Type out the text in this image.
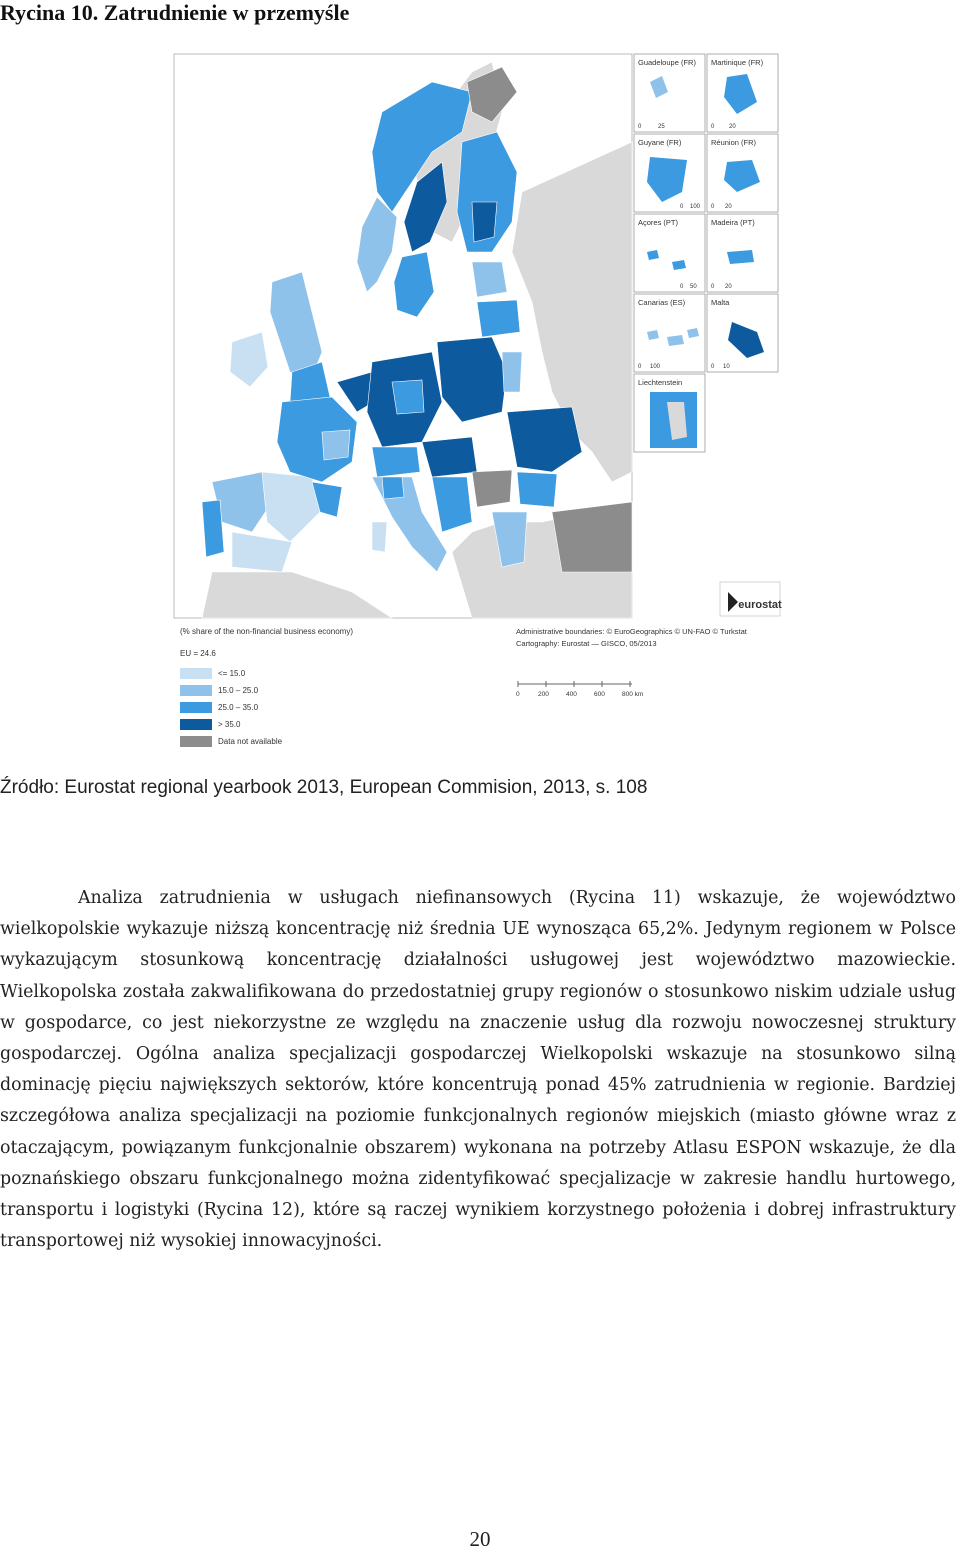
Rycina 10. Zatrudnienie w przemyśle
eurostat
Guadeloupe (FR) Martinique (FR)
Guyane (FR)	Réunion (FR)
Açores (PT)	Madeira (PT)
Canarias (ES)	Malta
Liechtenstein
0	25	0 20
0 100 0 20
0 50 0 20
0 100	0 10
(% share of the non-financial business economy)
EU = 24.6
<= 15.0
15.0 – 25.0
25.0 – 35.0
> 35.0
Data not available
Administrative boundaries: © EuroGeographics © UN-FAO © Turkstat
Cartography: Eurostat — GISCO, 05/2013
0	200	400	600	800 km
Źródło: Eurostat regional yearbook 2013, European Commision, 2013, s. 108

Analiza zatrudnienia w usługach niefinansowych (Rycina 11) wskazuje, że województwo wielkopolskie wykazuje niższą koncentrację niż średnia UE wynosząca 65,2%. Jedynym regionem w Polsce wykazującym stosunkową koncentrację działalności usługowej jest województwo mazowieckie. Wielkopolska została zakwalifikowana do przedostatniej grupy regionów o stosunkowo niskim udziale usług w gospodarce, co jest niekorzystne ze względu na znaczenie usług dla rozwoju nowoczesnej struktury gospodarczej. Ogólna analiza specjalizacji gospodarczej Wielkopolski wskazuje na stosunkowo silną dominację pięciu największych sektorów, które koncentrują ponad 45% zatrudnienia w regionie. Bardziej szczegółowa analiza specjalizacji na poziomie funkcjonalnych regionów miejskich (miasto główne wraz z otaczającym, powiązanym funkcjonalnie obszarem) wykonana na potrzeby Atlasu ESPON wskazuje, że dla poznańskiego obszaru funkcjonalnego można zidentyfikować specjalizacje w zakresie handlu hurtowego, transportu i logistyki (Rycina 12), które są raczej wynikiem korzystnego położenia i dobrej infrastruktury transportowej niż wysokiej innowacyjności.

20
